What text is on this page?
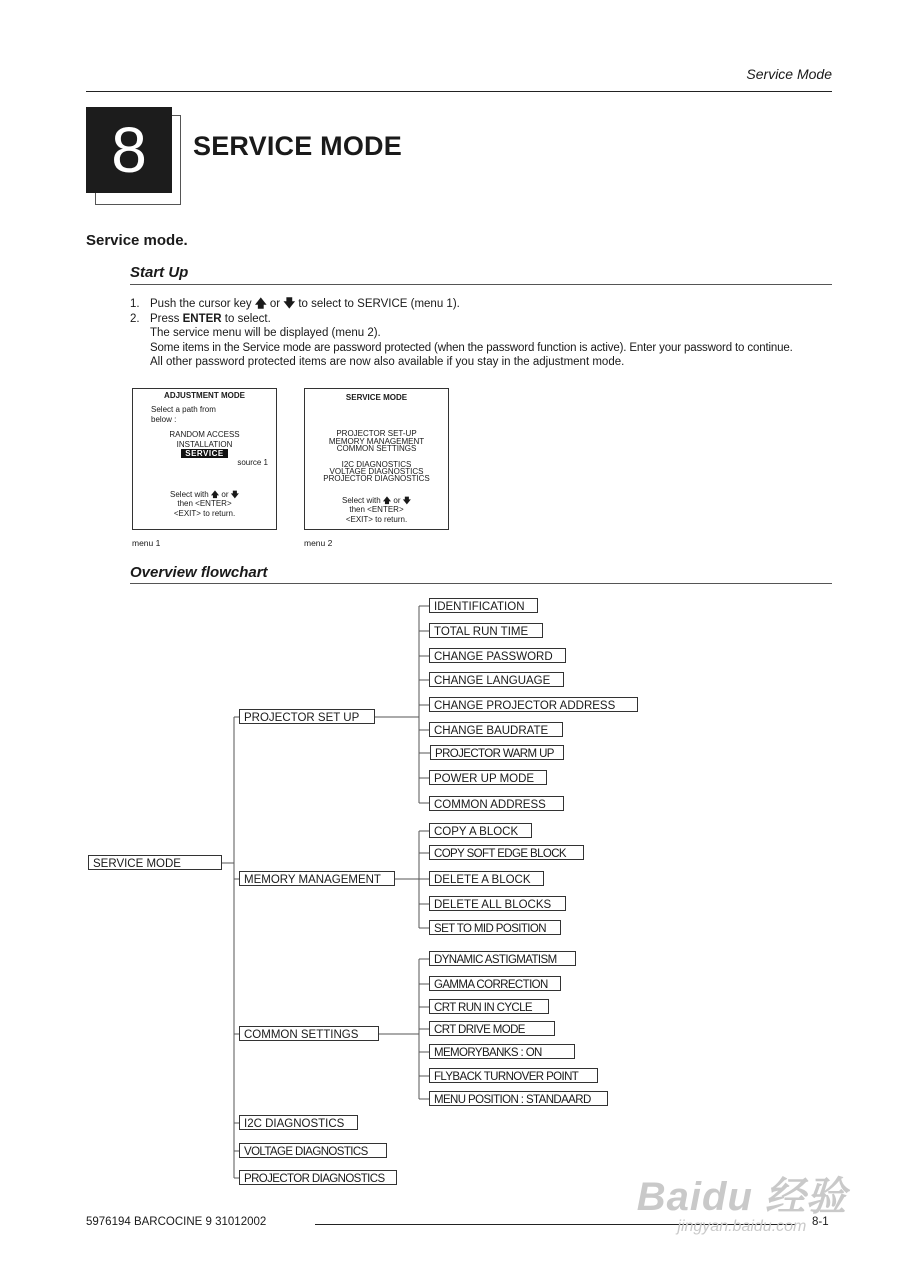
Service Mode
8	SERVICE MODE
Service mode.
Start Up
1. Push the cursor key 🡅 or 🡇 to select to SERVICE (menu 1).
2. Press ENTER to select.
The service menu will be displayed (menu 2).
Some items in the Service mode are password protected (when the password function is active). Enter your password to continue.
All other password protected items are now also available if you stay in the adjustment mode.
ADJUSTMENT MODE
Select a path from
below :
RANDOM ACCESS
INSTALLATION
SERVICE
source 1
Select with 🡅 or 🡇
then <ENTER>
<EXIT> to return.
menu 1
SERVICE MODE
PROJECTOR SET-UP
MEMORY MANAGEMENT
COMMON SETTINGS
I2C DIAGNOSTICS
VOLTAGE DIAGNOSTICS
PROJECTOR DIAGNOSTICS
Select with 🡅 or 🡇
then <ENTER>
<EXIT> to return.
menu 2
Overview flowchart
SERVICE MODE
PROJECTOR SET UP
MEMORY MANAGEMENT
COMMON SETTINGS
I2C DIAGNOSTICS
VOLTAGE DIAGNOSTICS
PROJECTOR DIAGNOSTICS
IDENTIFICATION
TOTAL RUN TIME
CHANGE PASSWORD
CHANGE LANGUAGE
CHANGE PROJECTOR ADDRESS
CHANGE BAUDRATE
PROJECTOR WARM UP
POWER UP MODE
COMMON ADDRESS
COPY A BLOCK
COPY SOFT EDGE BLOCK
DELETE A BLOCK
DELETE ALL BLOCKS
SET TO MID POSITION
DYNAMIC ASTIGMATISM
GAMMA CORRECTION
CRT RUN IN CYCLE
CRT DRIVE MODE
MEMORYBANKS : ON
FLYBACK TURNOVER POINT
MENU POSITION : STANDAARD
5976194 BARCOCINE 9 31012002	8-1
Baidu 经验
jingyan.baidu.com
